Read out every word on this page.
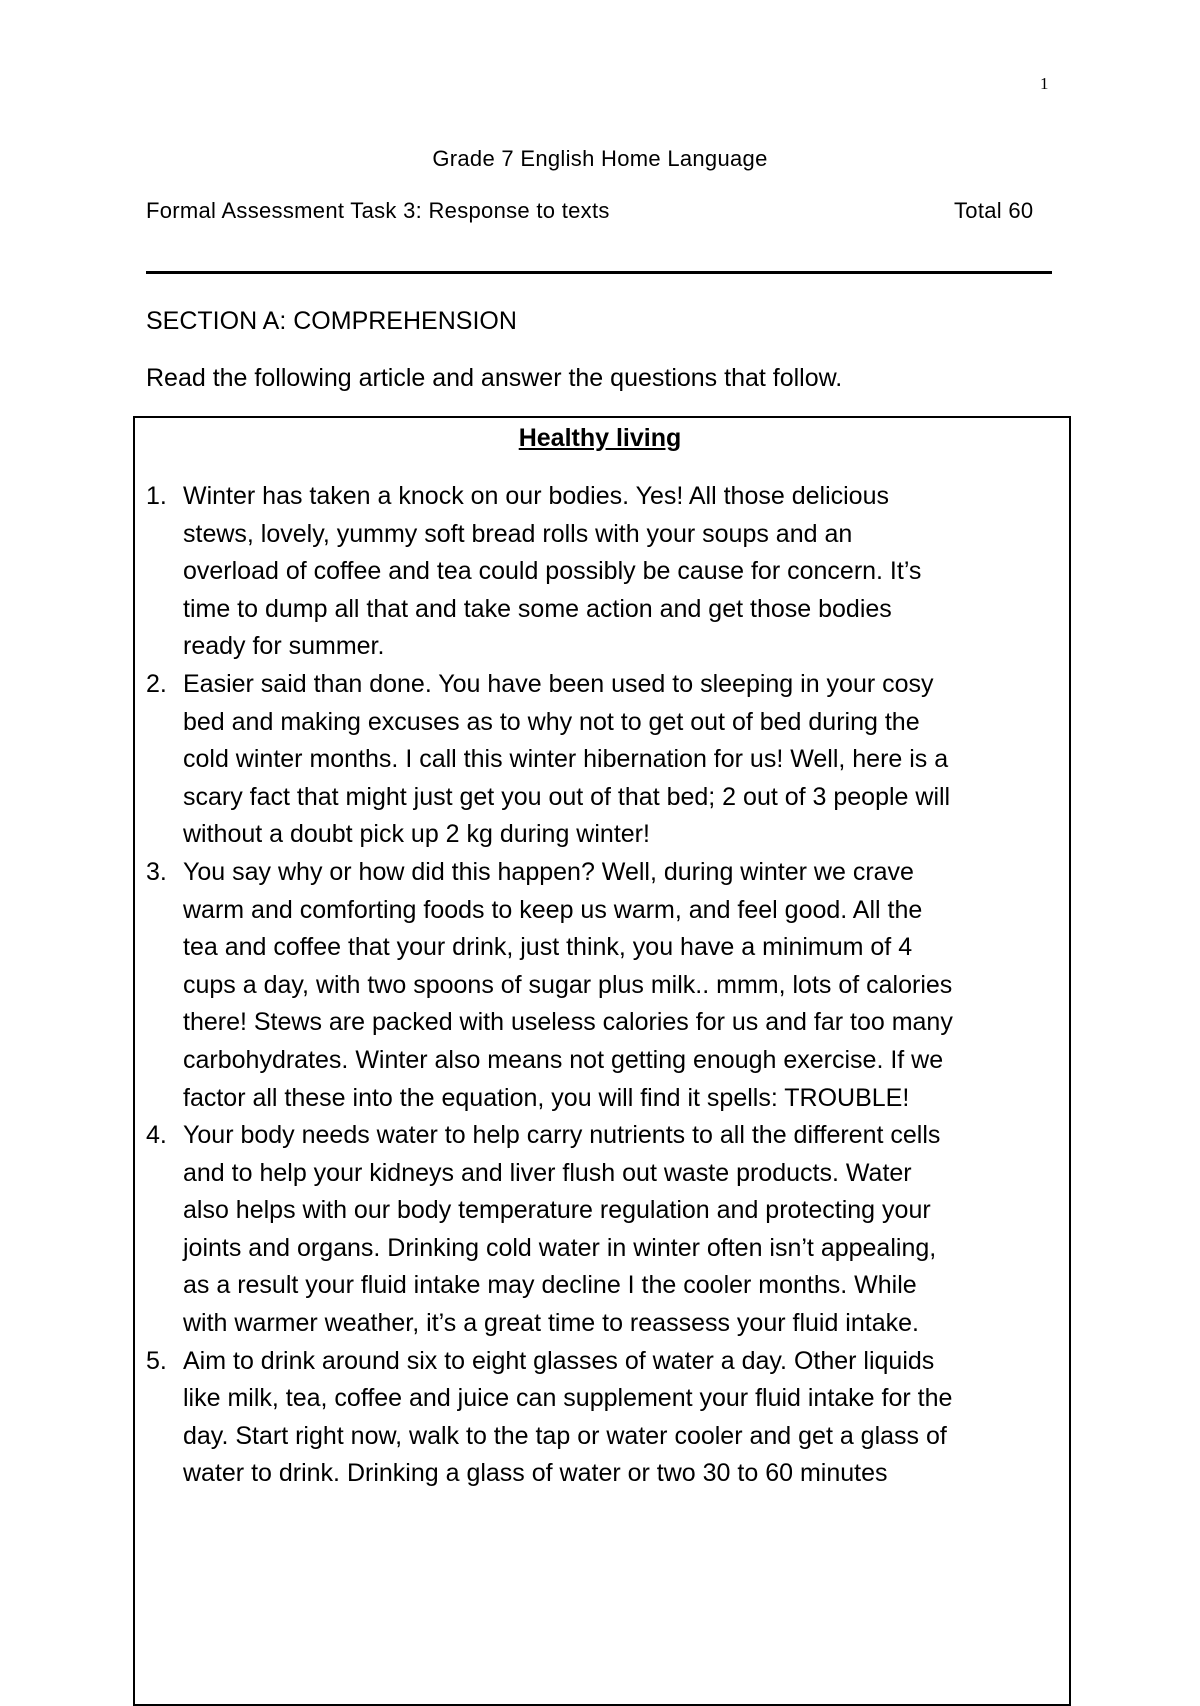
1
Grade 7 English Home Language
Formal Assessment Task 3: Response to texts	Total 60
SECTION A: COMPREHENSION
Read the following article and answer the questions that follow.
Healthy living
1. Winter has taken a knock on our bodies. Yes! All those delicious
stews, lovely, yummy soft bread rolls with your soups and an
overload of coffee and tea could possibly be cause for concern. It’s
time to dump all that and take some action and get those bodies
ready for summer.
2. Easier said than done. You have been used to sleeping in your cosy
bed and making excuses as to why not to get out of bed during the
cold winter months. I call this winter hibernation for us! Well, here is a
scary fact that might just get you out of that bed; 2 out of 3 people will
without a doubt pick up 2 kg during winter!
3. You say why or how did this happen? Well, during winter we crave
warm and comforting foods to keep us warm, and feel good. All the
tea and coffee that your drink, just think, you have a minimum of 4
cups a day, with two spoons of sugar plus milk.. mmm, lots of calories
there! Stews are packed with useless calories for us and far too many
carbohydrates. Winter also means not getting enough exercise. If we
factor all these into the equation, you will find it spells: TROUBLE!
4. Your body needs water to help carry nutrients to all the different cells
and to help your kidneys and liver flush out waste products. Water
also helps with our body temperature regulation and protecting your
joints and organs. Drinking cold water in winter often isn’t appealing,
as a result your fluid intake may decline I the cooler months. While
with warmer weather, it’s a great time to reassess your fluid intake.
5. Aim to drink around six to eight glasses of water a day. Other liquids
like milk, tea, coffee and juice can supplement your fluid intake for the
day. Start right now, walk to the tap or water cooler and get a glass of
water to drink. Drinking a glass of water or two 30 to 60 minutes
